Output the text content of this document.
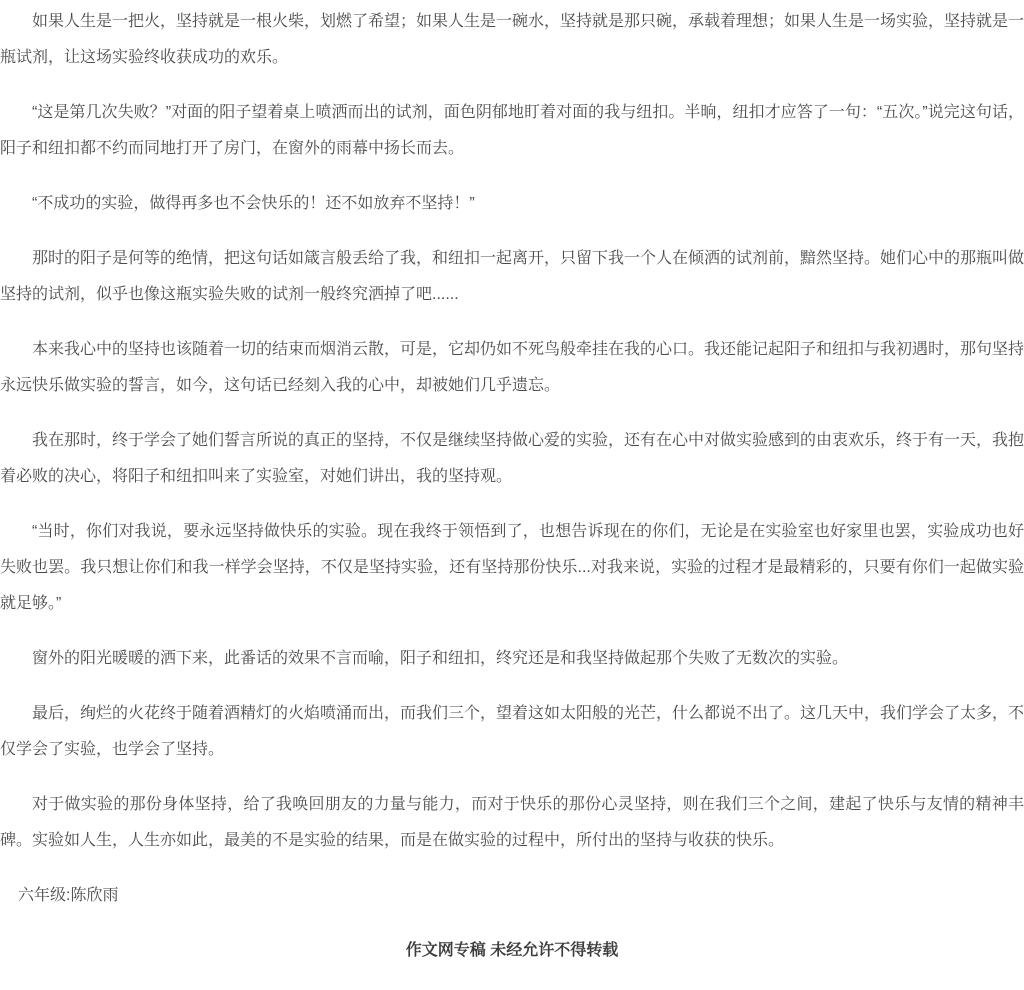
如果人生是一把火，坚持就是一根火柴，划燃了希望；如果人生是一碗水，坚持就是那只碗，承载着理想；如果人生是一场实验，坚持就是一瓶试剂，让这场实验终收获成功的欢乐。

“这是第几次失败？”对面的阳子望着桌上喷洒而出的试剂，面色阴郁地盯着对面的我与纽扣。半晌，纽扣才应答了一句：“五次。”说完这句话，阳子和纽扣都不约而同地打开了房门，在窗外的雨幕中扬长而去。

“不成功的实验，做得再多也不会快乐的！还不如放弃不坚持！”

那时的阳子是何等的绝情，把这句话如箴言般丢给了我，和纽扣一起离开，只留下我一个人在倾洒的试剂前，黯然坚持。她们心中的那瓶叫做坚持的试剂，似乎也像这瓶实验失败的试剂一般终究洒掉了吧......

本来我心中的坚持也该随着一切的结束而烟消云散，可是，它却仍如不死鸟般牵挂在我的心口。我还能记起阳子和纽扣与我初遇时，那句坚持永远快乐做实验的誓言，如今，这句话已经刻入我的心中，却被她们几乎遗忘。

我在那时，终于学会了她们誓言所说的真正的坚持，不仅是继续坚持做心爱的实验，还有在心中对做实验感到的由衷欢乐，终于有一天，我抱着必败的决心，将阳子和纽扣叫来了实验室，对她们讲出，我的坚持观。

“当时，你们对我说，要永远坚持做快乐的实验。现在我终于领悟到了，也想告诉现在的你们，无论是在实验室也好家里也罢，实验成功也好失败也罢。我只想让你们和我一样学会坚持，不仅是坚持实验，还有坚持那份快乐...对我来说，实验的过程才是最精彩的，只要有你们一起做实验就足够。”

窗外的阳光暖暖的洒下来，此番话的效果不言而喻，阳子和纽扣，终究还是和我坚持做起那个失败了无数次的实验。

最后，绚烂的火花终于随着酒精灯的火焰喷涌而出，而我们三个，望着这如太阳般的光芒，什么都说不出了。这几天中，我们学会了太多，不仅学会了实验，也学会了坚持。

对于做实验的那份身体坚持，给了我唤回朋友的力量与能力，而对于快乐的那份心灵坚持，则在我们三个之间，建起了快乐与友情的精神丰碑。实验如人生，人生亦如此，最美的不是实验的结果，而是在做实验的过程中，所付出的坚持与收获的快乐。

六年级:陈欣雨

作文网专稿 未经允许不得转载
